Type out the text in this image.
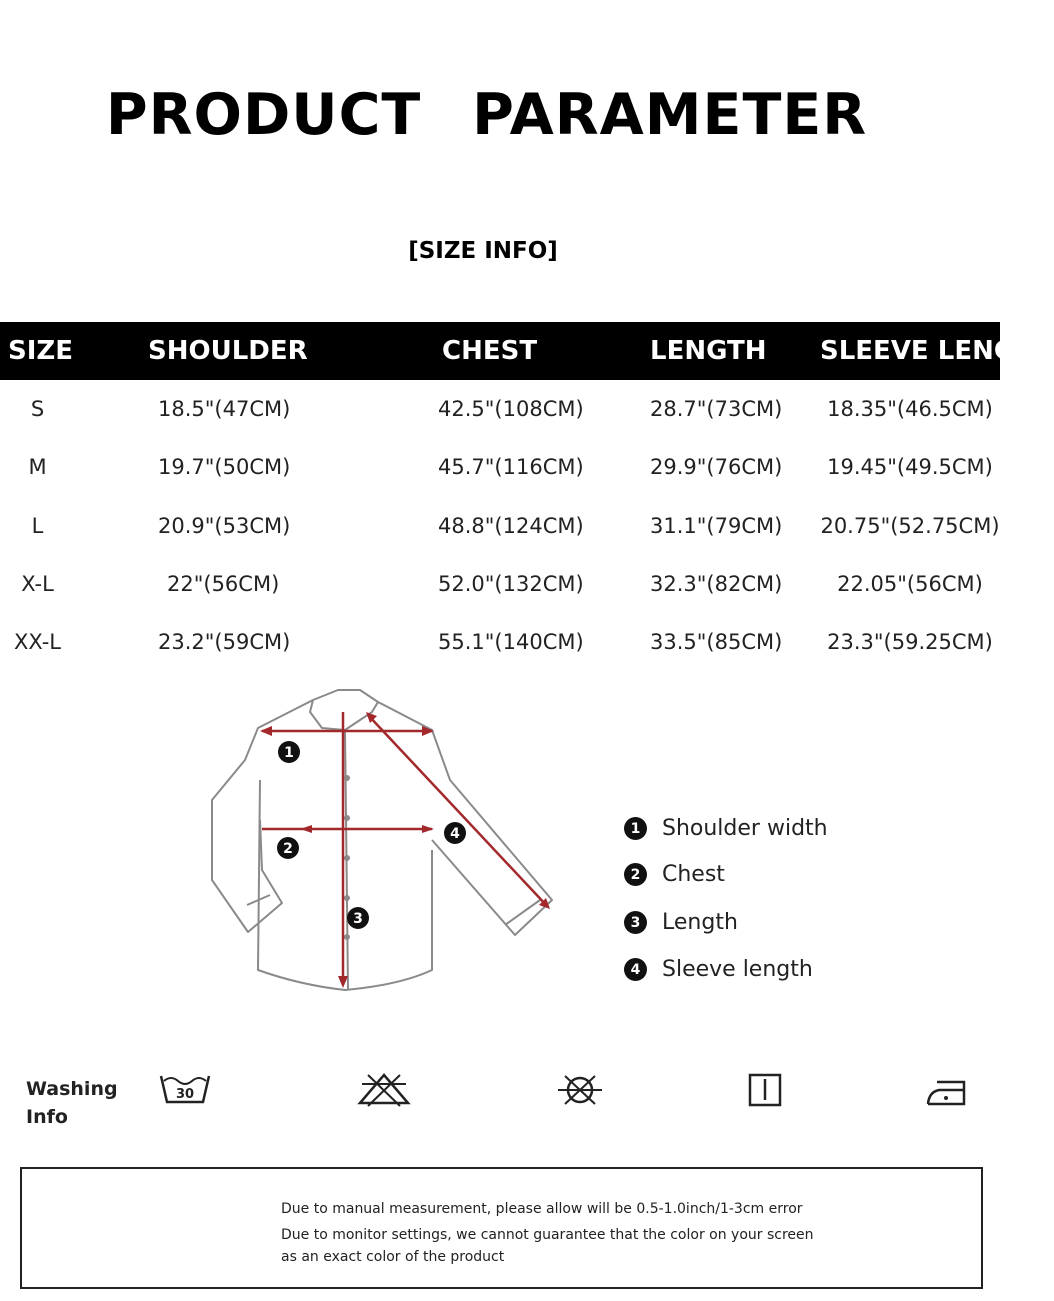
PRODUCT PARAMETER
[SIZE INFO]
SIZE	SHOULDER	CHEST	LENGTH	SLEEVE LENGTH
S	18.5"(47CM)	42.5"(108CM)	28.7"(73CM)	18.35"(46.5CM)
M	19.7"(50CM)	45.7"(116CM)	29.9"(76CM)	19.45"(49.5CM)
L	20.9"(53CM)	48.8"(124CM)	31.1"(79CM)	20.75"(52.75CM)
X-L	22"(56CM)	52.0"(132CM)	32.3"(82CM)	22.05"(56CM)
XX-L	23.2"(59CM)	55.1"(140CM)	33.5"(85CM)	23.3"(59.25CM)
1
2
3
4	1 Shoulder width
2 Chest
3 Length
4 Sleeve length
Washing
Info
30
Due to manual measurement, please allow will be 0.5-1.0inch/1-3cm error
Due to monitor settings, we cannot guarantee that the color on your screen
as an exact color of the product
